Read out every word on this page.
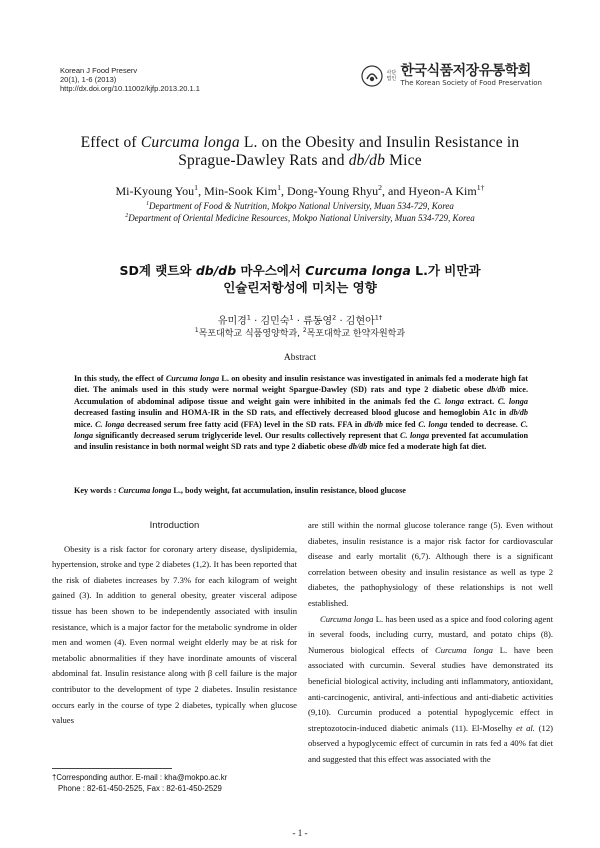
Korean J Food Preserv
20(1), 1-6 (2013)
http://dx.doi.org/10.11002/kjfp.2013.20.1.1
사단 법인 한국식품저장유통학회
The Korean Society of Food Preservation
Effect of Curcuma longa L. on the Obesity and Insulin Resistance in
Sprague-Dawley Rats and db/db Mice
Mi-Kyoung You$^1$, Min-Sook Kim$^1$, Dong-Young Rhyu$^2$, and Hyeon-A Kim$^{1\dagger}$
$^1$Department of Food & Nutrition, Mokpo National University, Muan 534-729, Korea
$^2$Department of Oriental Medicine Resources, Mokpo National University, Muan 534-729, Korea
SD계 랫트와 db/db 마우스에서 Curcuma longa L.가 비만과
인슐린저항성에 미치는 영향
유미경$^1$ · 김민숙$^1$ · 류동영$^2$ · 김현아$^{1\dagger}$
$^1$목포대학교 식품영양학과, $^2$목포대학교 한약자원학과
Abstract
In this study, the effect of Curcuma longa L. on obesity and insulin resistance was investigated in animals fed a moderate high fat diet. The animals used in this study were normal weight Spargue-Dawley (SD) rats and type 2 diabetic obese db/db mice. Accumulation of abdominal adipose tissue and weight gain were inhibited in the animals fed the C. longa extract. C. longa decreased fasting insulin and HOMA-IR in the SD rats, and effectively decreased blood glucose and hemoglobin A1c in db/db mice. C. longa decreased serum free fatty acid (FFA) level in the SD rats. FFA in db/db mice fed C. longa tended to decrease. C. longa significantly decreased serum triglyceride level. Our results collectively represent that C. longa prevented fat accumulation and insulin resistance in both normal weight SD rats and type 2 diabetic obese db/db mice fed a moderate high fat diet.
Key words : Curcuma longa L., body weight, fat accumulation, insulin resistance, blood glucose
Introduction

Obesity is a risk factor for coronary artery disease, dyslipidemia, hypertension, stroke and type 2 diabetes (1,2). It has been reported that the risk of diabetes increases by 7.3% for each kilogram of weight gained (3). In addition to general obesity, greater visceral adipose tissue has been shown to be independently associated with insulin resistance, which is a major factor for the metabolic syndrome in older men and women (4). Even normal weight elderly may be at risk for metabolic abnormalities if they have inordinate amounts of visceral abdominal fat. Insulin resistance along with β cell failure is the major contributor to the development of type 2 diabetes. Insulin resistance occurs early in the course of type 2 diabetes, typically when glucose values

are still within the normal glucose tolerance range (5). Even without diabetes, insulin resistance is a major risk factor for cardiovascular disease and early mortalit (6,7). Although there is a significant correlation between obesity and insulin resistance as well as type 2 diabetes, the pathophysiology of these relationships is not well established.

Curcuma longa L. has been used as a spice and food coloring agent in several foods, including curry, mustard, and potato chips (8). Numerous biological effects of Curcuma longa L. have been associated with curcumin. Several studies have demonstrated its beneficial biological activity, including anti inflammatory, antioxidant, anti-carcinogenic, antiviral, anti-infectious and anti-diabetic activities (9,10). Curcumin produced a potential hypoglycemic effect in streptozotocin-induced diabetic animals (11). El-Moselhy et al. (12) observed a hypoglycemic effect of curcumin in rats fed a 40% fat diet and suggested that this effect was associated with the

†Corresponding author. E-mail : kha@mokpo.ac.kr
Phone : 82-61-450-2525, Fax : 82-61-450-2529
- 1 -
